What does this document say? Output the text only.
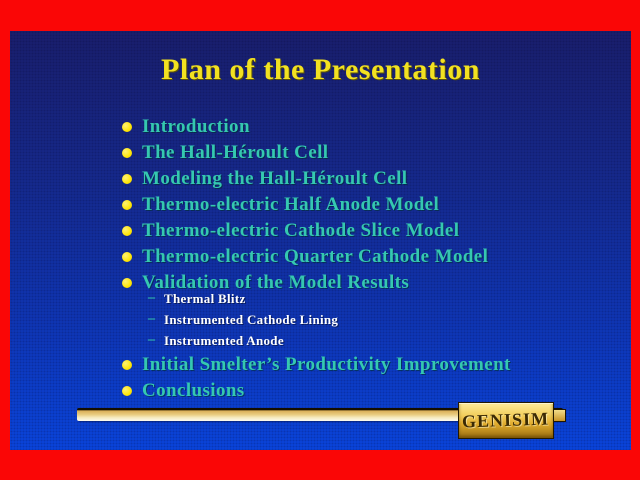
Plan of the Presentation
Introduction
The Hall-Héroult Cell
Modeling the Hall-Héroult Cell
Thermo-electric Half Anode Model
Thermo-electric Cathode Slice Model
Thermo-electric Quarter Cathode Model
Validation of the Model Results
– Thermal Blitz
– Instrumented Cathode Lining
– Instrumented Anode
Initial Smelter’s Productivity Improvement
Conclusions
GENISIM
